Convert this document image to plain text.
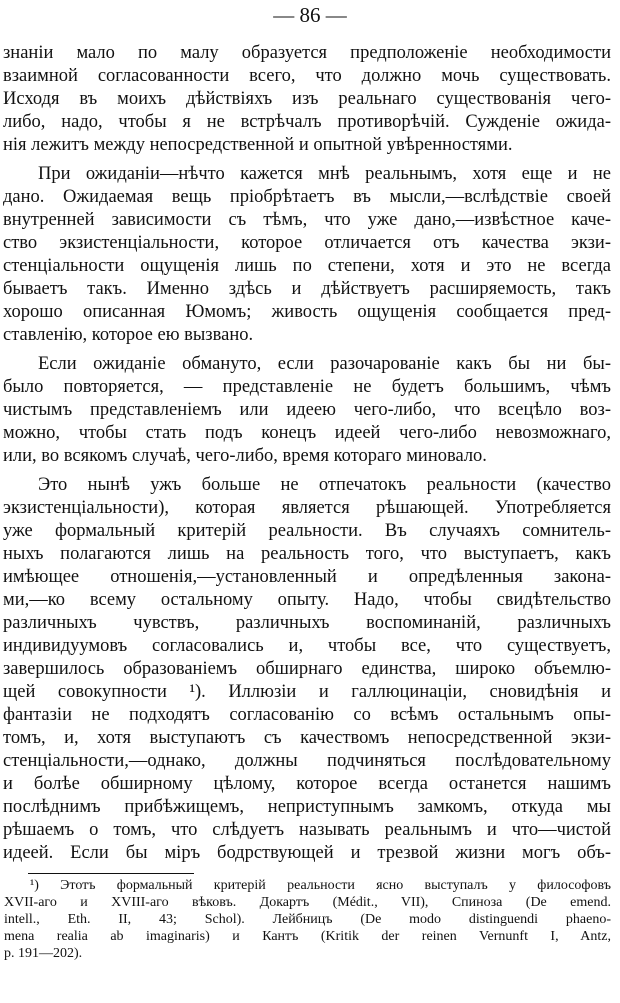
— 86 —
знанiи мало по малу образуется предположенiе необходимости
взаимной согласованности всего, что должно мочь существовать.
Исходя въ моихъ дѣйствiяхъ изъ реальнаго существованiя чего-
либо, надо, чтобы я не встрѣчалъ противорѣчiй. Сужденiе ожида-
нiя лежитъ между непосредственной и опытной увѣренностями.
При ожиданiи—нѣчто кажется мнѣ реальнымъ, хотя еще и не
дано. Ожидаемая вещь прiобрѣтаетъ въ мысли,—вслѣдствiе своей
внутренней зависимости съ тѣмъ, что уже дано,—извѣстное каче-
ство экзистенцiальности, которое отличается отъ качества экзи-
стенцiальности ощущенiя лишь по степени, хотя и это не всегда
бываетъ такъ. Именно здѣсь и дѣйствуетъ расширяемость, такъ
хорошо описанная Юмомъ; живость ощущенiя сообщается пред-
ставленiю, которое ею вызвано.
Если ожиданiе обмануто, если разочарованiе какъ бы ни бы-
было повторяется, — представленiе не будетъ большимъ, чѣмъ
чистымъ представленiемъ или идеею чего-либо, что всецѣло воз-
можно, чтобы стать подъ конецъ идеей чего-либо невозможнаго,
или, во всякомъ случаѣ, чего-либо, время котораго миновало.
Это нынѣ ужъ больше не отпечатокъ реальности (качество
экзистенцiальности), которая является рѣшающей. Употребляется
уже формальный критерiй реальности. Въ случаяхъ сомнитель-
ныхъ полагаются лишь на реальность того, что выступаетъ, какъ
имѣющее отношенiя,—установленный и опредѣленныя закона-
ми,—ко всему остальному опыту. Надо, чтобы свидѣтельство
различныхъ чувствъ, различныхъ воспоминанiй, различныхъ
индивидуумовъ согласовались и, чтобы все, что существуетъ,
завершилось образованiемъ обширнаго единства, широко объемлю-
щей совокупности ¹). Иллюзiи и галлюцинацiи, сновидѣнiя и
фантазiи не подходятъ согласованiю со всѣмъ остальнымъ опы-
томъ, и, хотя выступаютъ съ качествомъ непосредственной экзи-
стенцiальности,—однако, должны подчиняться послѣдовательному
и болѣе обширному цѣлому, которое всегда останется нашимъ
послѣднимъ прибѣжищемъ, неприступнымъ замкомъ, откуда мы
рѣшаемъ о томъ, что слѣдуетъ называть реальнымъ и что—чистой
идеей. Если бы мiръ бодрствующей и трезвой жизни могъ объ-
¹) Этотъ формальный критерiй реальности ясно выступалъ у философовъ
XVII-аго и XVIII-аго вѣковъ. Докартъ (Médit., VII), Спиноза (De emend.
intell., Eth. II, 43; Schol). Лейбницъ (De modo distinguendi phaeno-
mena realia ab imaginaris) и Кантъ (Kritik der reinen Vernunft I, Antz,
p. 191—202).
